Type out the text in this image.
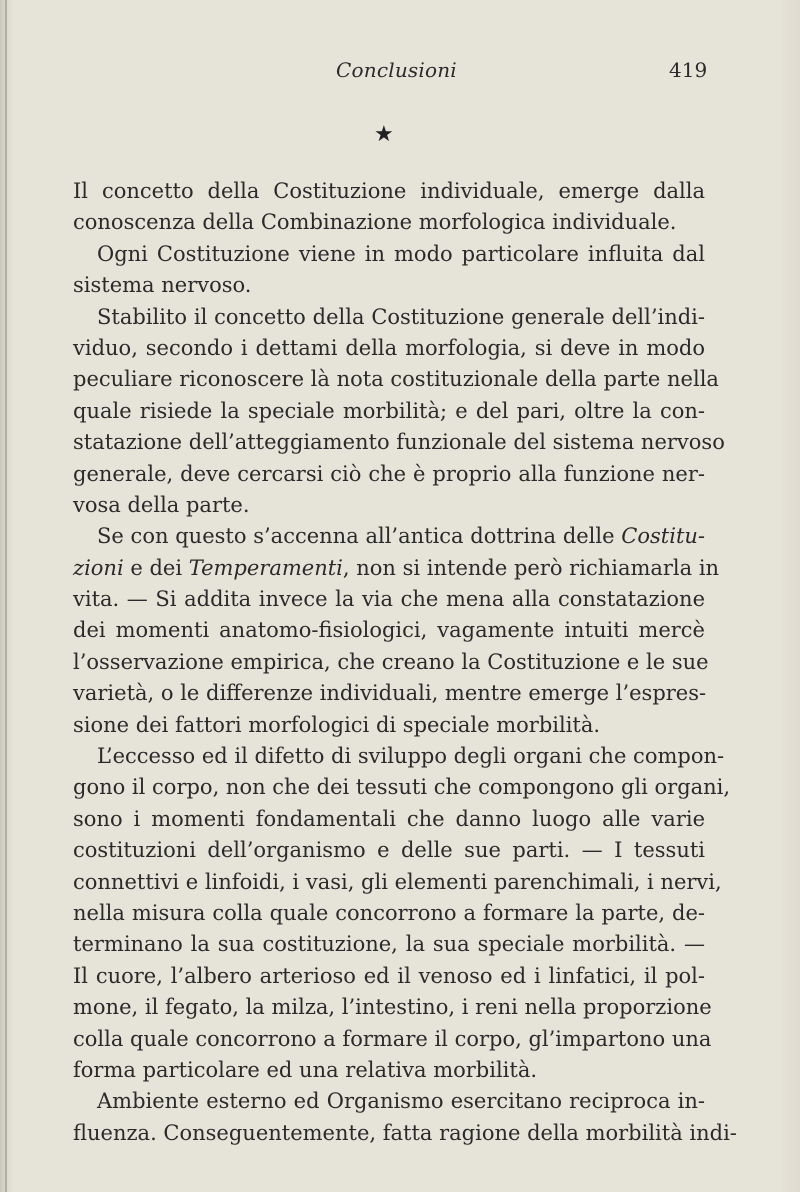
Conclusioni	419
★
Il concetto della Costituzione individuale, emerge dalla
conoscenza della Combinazione morfologica individuale.
Ogni Costituzione viene in modo particolare influita dal
sistema nervoso.
Stabilito il concetto della Costituzione generale dell’indi-
viduo, secondo i dettami della morfologia, si deve in modo
peculiare riconoscere là nota costituzionale della parte nella
quale risiede la speciale morbilità; e del pari, oltre la con-
statazione dell’atteggiamento funzionale del sistema nervoso
generale, deve cercarsi ciò che è proprio alla funzione ner-
vosa della parte.
Se con questo s’accenna all’antica dottrina delle Costitu-
zioni e dei Temperamenti, non si intende però richiamarla in
vita. — Si addita invece la via che mena alla constatazione
dei momenti anatomo-fisiologici, vagamente intuiti mercè
l’osservazione empirica, che creano la Costituzione e le sue
varietà, o le differenze individuali, mentre emerge l’espres-
sione dei fattori morfologici di speciale morbilità.
L’eccesso ed il difetto di sviluppo degli organi che compon-
gono il corpo, non che dei tessuti che compongono gli organi,
sono i momenti fondamentali che danno luogo alle varie
costituzioni dell’organismo e delle sue parti. — I tessuti
connettivi e linfoidi, i vasi, gli elementi parenchimali, i nervi,
nella misura colla quale concorrono a formare la parte, de-
terminano la sua costituzione, la sua speciale morbilità. —
Il cuore, l’albero arterioso ed il venoso ed i linfatici, il pol-
mone, il fegato, la milza, l’intestino, i reni nella proporzione
colla quale concorrono a formare il corpo, gl’impartono una
forma particolare ed una relativa morbilità.
Ambiente esterno ed Organismo esercitano reciproca in-
fluenza. Conseguentemente, fatta ragione della morbilità indi-
